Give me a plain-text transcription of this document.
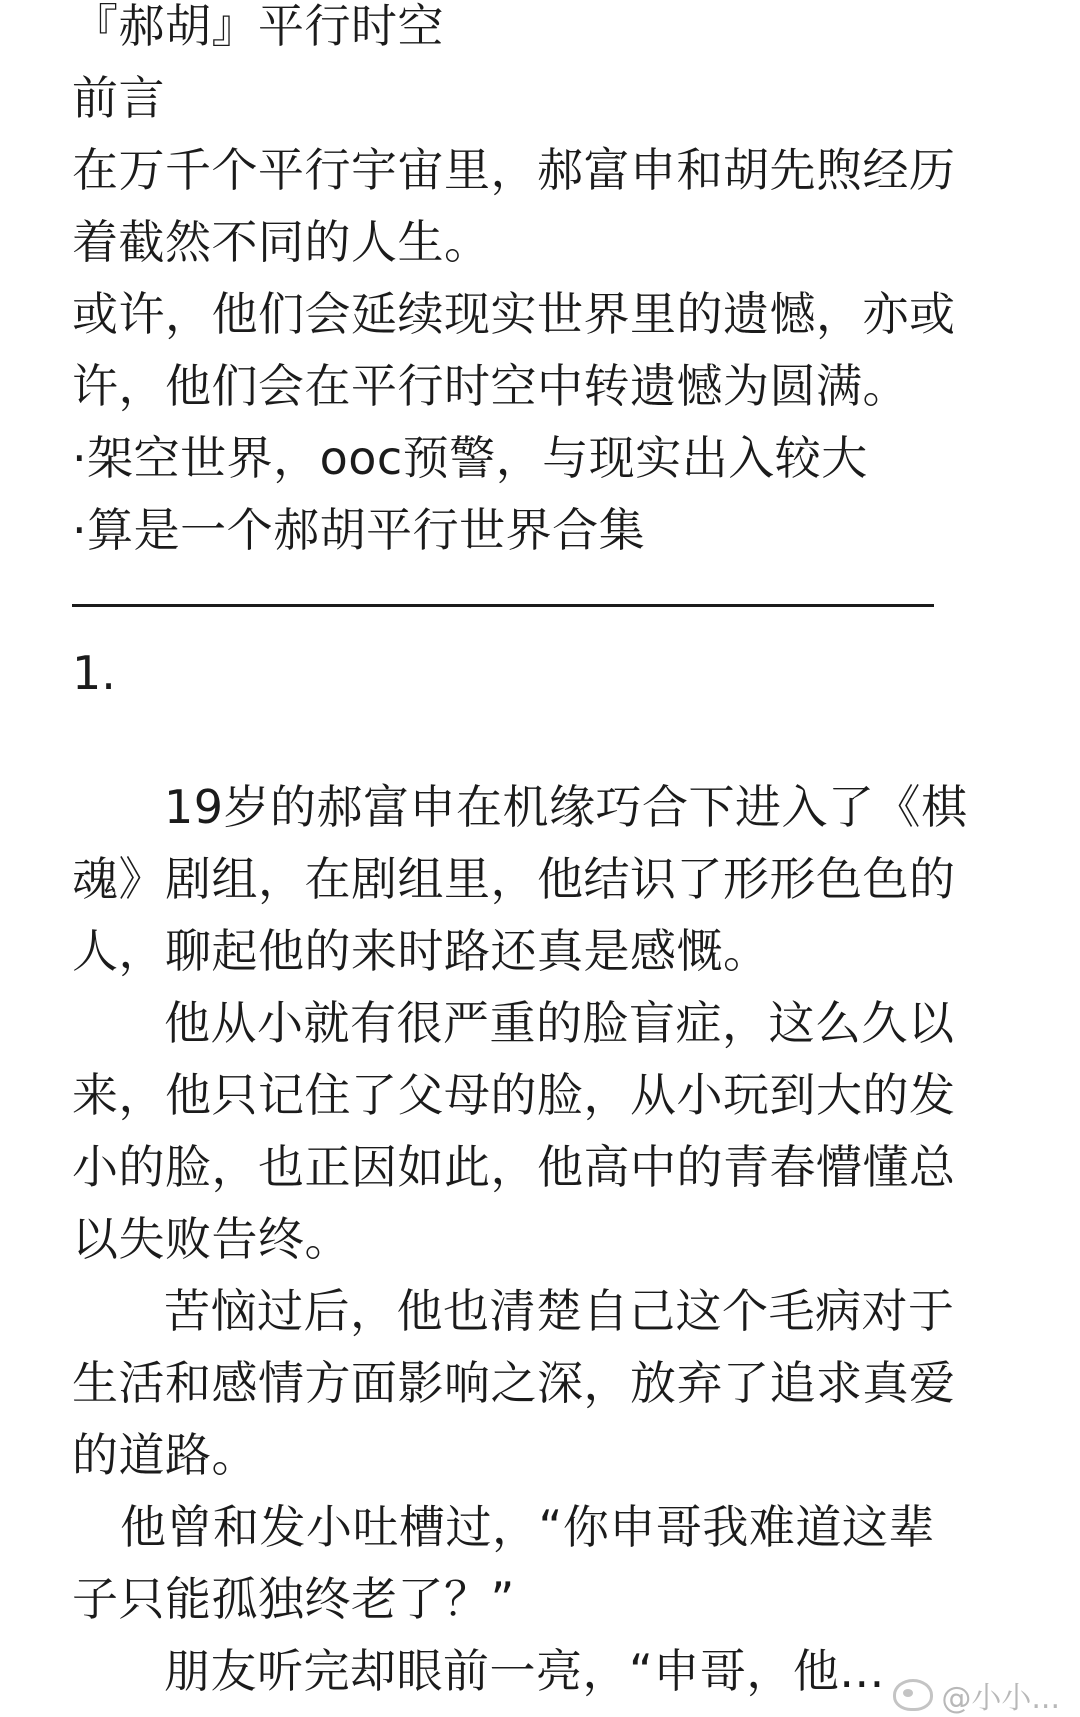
『郝胡』平行时空
前言
在万千个平行宇宙里，郝富申和胡先煦经历
着截然不同的人生。
或许，他们会延续现实世界里的遗憾，亦或
许，他们会在平行时空中转遗憾为圆满。
·架空世界，ooc预警，与现实出入较大
·算是一个郝胡平行世界合集
1.
19岁的郝富申在机缘巧合下进入了《棋
魂》剧组，在剧组里，他结识了形形色色的
人，聊起他的来时路还真是感慨。
他从小就有很严重的脸盲症，这么久以
来，他只记住了父母的脸，从小玩到大的发
小的脸，也正因如此，他高中的青春懵懂总
以失败告终。
苦恼过后，他也清楚自己这个毛病对于
生活和感情方面影响之深，放弃了追求真爱
的道路。
他曾和发小吐槽过，“你申哥我难道这辈
子只能孤独终老了？”
朋友听完却眼前一亮，“申哥，他...
@小小...
